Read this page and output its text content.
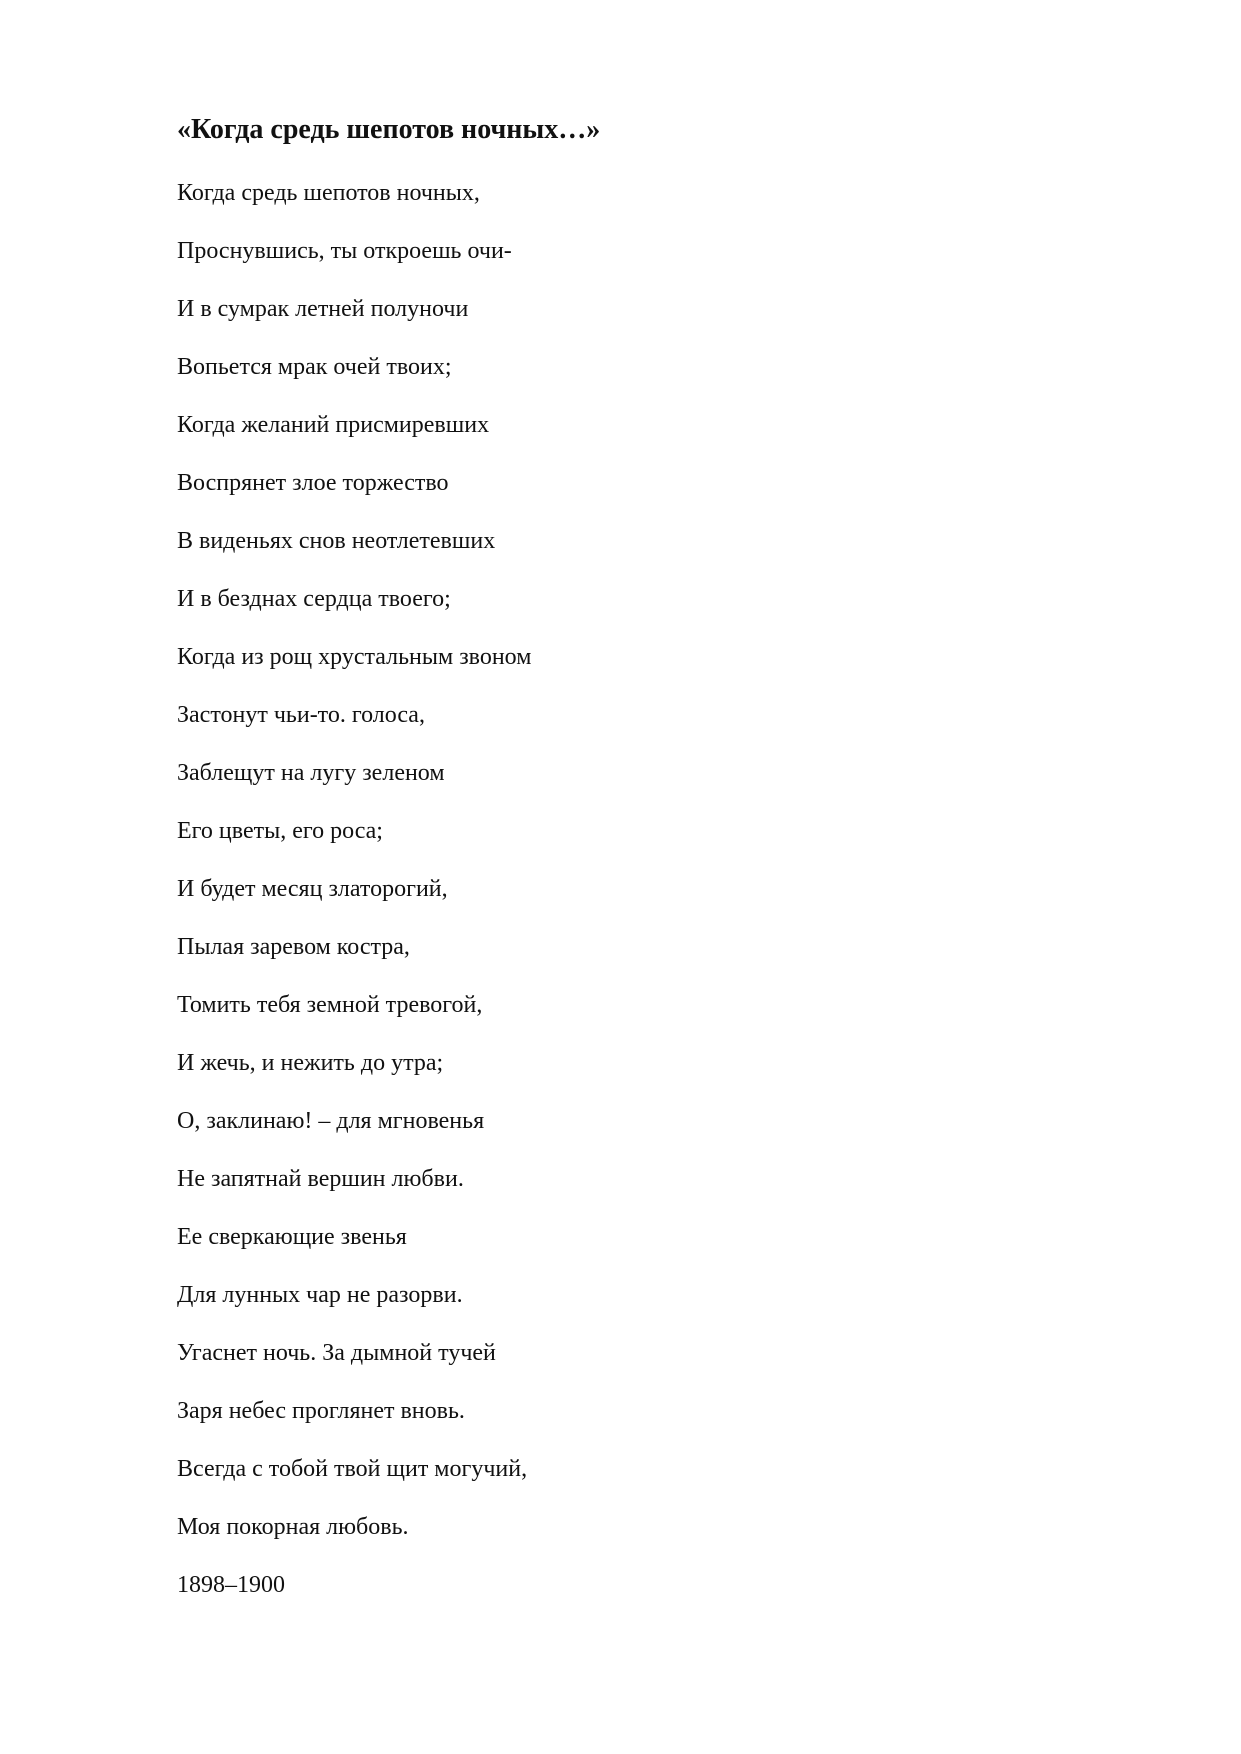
«Когда средь шепотов ночных…»
Когда средь шепотов ночных,
Проснувшись, ты откроешь очи-
И в сумрак летней полуночи
Вопьется мрак очей твоих;
Когда желаний присмиревших
Воспрянет злое торжество
В виденьях снов неотлетевших
И в безднах сердца твоего;
Когда из рощ хрустальным звоном
Застонут чьи-то. голоса,
Заблещут на лугу зеленом
Его цветы, его роса;
И будет месяц златорогий,
Пылая заревом костра,
Томить тебя земной тревогой,
И жечь, и нежить до утра;
О, заклинаю! – для мгновенья
Не запятнай вершин любви.
Ее сверкающие звенья
Для лунных чар не разорви.
Угаснет ночь. За дымной тучей
Заря небес проглянет вновь.
Всегда с тобой твой щит могучий,
Моя покорная любовь.
1898–1900
